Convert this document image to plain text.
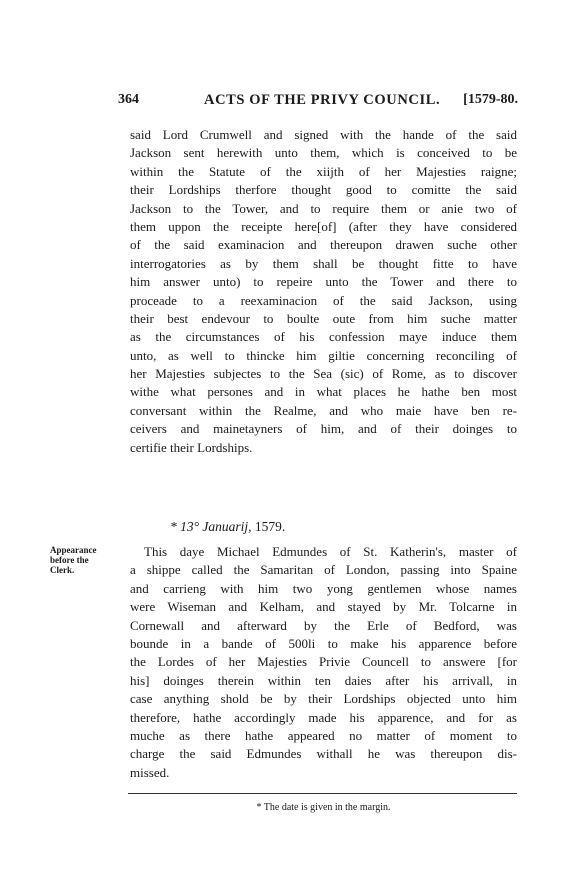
364	ACTS OF THE PRIVY COUNCIL. [1579-80.
said Lord Crumwell and signed with the hande of the said
Jackson sent herewith unto them, which is conceived to be
within the Statute of the xiijth of her Majesties raigne;
their Lordships therfore thought good to comitte the said
Jackson to the Tower, and to require them or anie two of
them uppon the receipte here[of] (after they have considered
of the said examinacion and thereupon drawen suche other
interrogatories as by them shall be thought fitte to have
him answer unto) to repeire unto the Tower and there to
proceade to a reexaminacion of the said Jackson, using
their best endevour to boulte oute from him suche matter
as the circumstances of his confession maye induce them
unto, as well to thincke him giltie concerning reconciling of
her Majesties subjectes to the Sea (sic) of Rome, as to discover
withe what persones and in what places he hathe ben most
conversant within the Realme, and who maie have ben re-
ceivers and mainetayners of him, and of their doinges to
certifie their Lordships.
* 13° Januarij, 1579.
Appearance
before the
Clerk.
This daye Michael Edmundes of St. Katherin's, master of
a shippe called the Samaritan of London, passing into Spaine
and carrieng with him two yong gentlemen whose names
were Wiseman and Kelham, and stayed by Mr. Tolcarne in
Cornewall and afterward by the Erle of Bedford, was
bounde in a bande of 500li to make his apparence before
the Lordes of her Majesties Privie Councell to answere [for
his] doinges therein within ten daies after his arrivall, in
case anything shold be by their Lordships objected unto him
therefore, hathe accordingly made his apparence, and for as
muche as there hathe appeared no matter of moment to
charge the said Edmundes withall he was thereupon dis-
missed.
* The date is given in the margin.
